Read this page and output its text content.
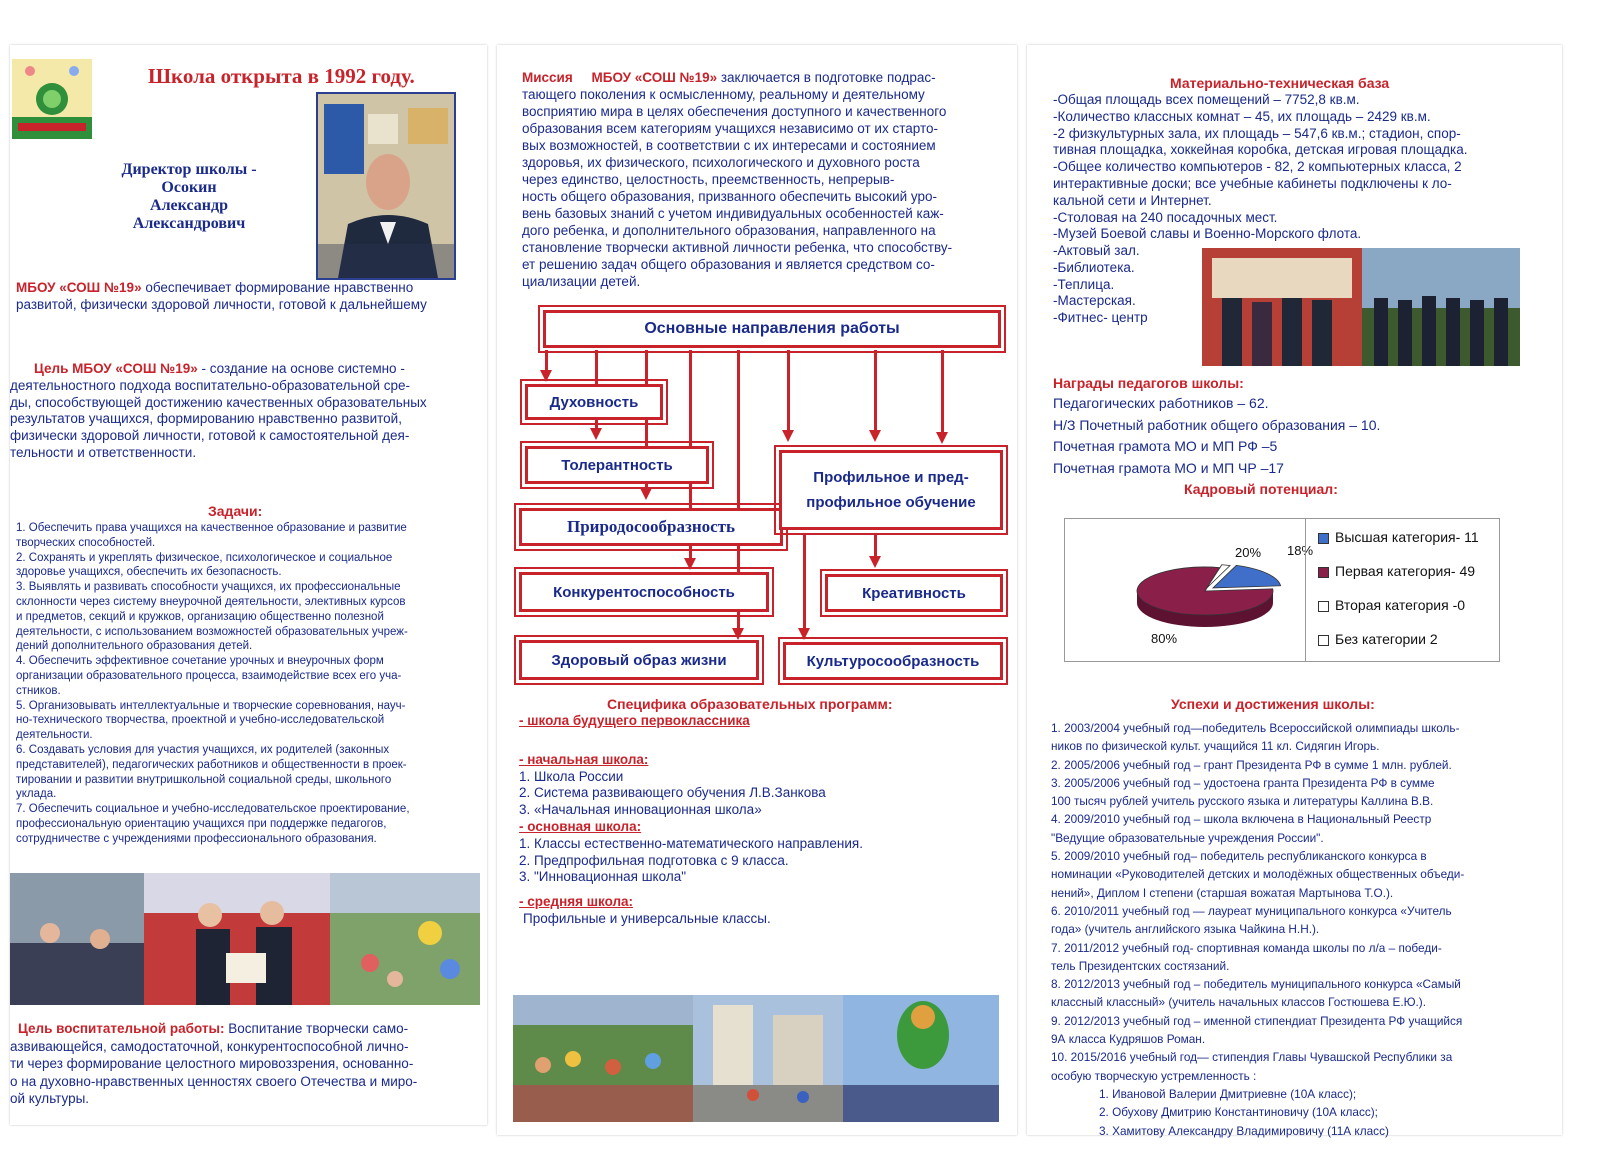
Школа открыта в 1992 году.
Директор школы -
Осокин
Александр
Александрович
МБОУ «СОШ №19» обеспечивает формирование нравственно
развитой, физически здоровой личности, готовой к дальнейшему
Цель МБОУ «СОШ №19» - создание на основе системно -
деятельностного подхода воспитательно-образовательной сре-
ды, способствующей достижению качественных образовательных
результатов учащихся, формированию нравственно развитой,
физически здоровой личности, готовой к самостоятельной дея-
тельности и ответственности.
Задачи:
1. Обеспечить права учащихся на качественное образование и развитие
творческих способностей.
2. Сохранять и укреплять физическое, психологическое и социальное
здоровье учащихся, обеспечить их безопасность.
3. Выявлять и развивать способности учащихся, их профессиональные
склонности через систему внеурочной деятельности, элективных курсов
и предметов, секций и кружков, организацию общественно полезной
деятельности, с использованием возможностей образовательных учреж-
дений дополнительного образования детей.
4. Обеспечить эффективное сочетание урочных и внеурочных форм
организации образовательного процесса, взаимодействие всех его уча-
стников.
5. Организовывать интеллектуальные и творческие соревнования, науч-
но-технического творчества, проектной и учебно-исследовательской
деятельности.
6. Создавать условия для участия учащихся, их родителей (законных
представителей), педагогических работников и общественности в проек-
тировании и развитии внутришкольной социальной среды, школьного
уклада.
7. Обеспечить социальное и учебно-исследовательское проектирование,
профессиональную ориентацию учащихся при поддержке педагогов,
сотрудничестве с учреждениями профессионального образования.
Цель воспитательной работы: Воспитание творчески само-
азвивающейся, самодостаточной, конкурентоспособной лично-
ти через формирование целостного мировоззрения, основанно-
о на духовно-нравственных ценностях своего Отечества и миро-
ой культуры.
Миссия МБОУ «СОШ №19» заключается в подготовке подрас-
тающего поколения к осмысленному, реальному и деятельному
восприятию мира в целях обеспечения доступного и качественного
образования всем категориям учащихся независимо от их старто-
вых возможностей, в соответствии с их интересами и состоянием
здоровья, их физического, психологического и духовного роста
через единство, целостность, преемственность, непрерыв-
ность общего образования, призванного обеспечить высокий уро-
вень базовых знаний с учетом индивидуальных особенностей каж-
дого ребенка, и дополнительного образования, направленного на
становление творчески активной личности ребенка, что способству-
ет решению задач общего образования и является средством со-
циализации детей.
Основные направления работы
Духовность
Толерантность
Природосообразность
Профильное и пред-
профильное обучение
Конкурентоспособность	Креативность
Здоровый образ жизни	Культуросообразность
Специфика образовательных программ:
- школа будущего первоклассника
- начальная школа:
1. Школа России
2. Система развивающего обучения Л.В.Занкова
3. «Начальная инновационная школа»
- основная школа:
1. Классы естественно-математического направления.
2. Предпрофильная подготовка с 9 класса.
3. "Инновационная школа"
- средняя школа:
Профильные и универсальные классы.
Материально-техническая база
-Общая площадь всех помещений – 7752,8 кв.м.
-Количество классных комнат – 45, их площадь – 2429 кв.м.
-2 физкультурных зала, их площадь – 547,6 кв.м.; стадион, спор-
тивная площадка, хоккейная коробка, детская игровая площадка.
-Общее количество компьютеров - 82, 2 компьютерных класса, 2
интерактивные доски; все учебные кабинеты подключены к ло-
кальной сети и Интернет.
-Столовая на 240 посадочных мест.
-Музей Боевой славы и Военно-Морского флота.
-Актовый зал.
-Библиотека.
-Теплица.
-Мастерская.
-Фитнес- центр
Награды педагогов школы:
Педагогических работников – 62.
Н/З Почетный работник общего образования – 10.
Почетная грамота МО и МП РФ –5
Почетная грамота МО и МП ЧР –17
Кадровый потенциал:
18%
80%
20%
Высшая категория- 11
Первая категория- 49
Вторая категория -0
Без категории 2
Успехи и достижения школы:
1. 2003/2004 учебный год—победитель Всероссийской олимпиады школь-
ников по физической культ. учащийся 11 кл. Сидягин Игорь.
2. 2005/2006 учебный год – грант Президента РФ в сумме 1 млн. рублей.
3. 2005/2006 учебный год – удостоена гранта Президента РФ в сумме
100 тысяч рублей учитель русского языка и литературы Каллина В.В.
4. 2009/2010 учебный год – школа включена в Национальный Реестр
"Ведущие образовательные учреждения России".
5. 2009/2010 учебный год– победитель республиканского конкурса в
номинации «Руководителей детских и молодёжных общественных объеди-
нений», Диплом I степени (старшая вожатая Мартынова Т.О.).
6. 2010/2011 учебный год — лауреат муниципального конкурса «Учитель
года» (учитель английского языка Чайкина Н.Н.).
7. 2011/2012 учебный год- спортивная команда школы по л/а – победи-
тель Президентских состязаний.
8. 2012/2013 учебный год – победитель муниципального конкурса «Самый
классный классный» (учитель начальных классов Гостюшева Е.Ю.).
9. 2012/2013 учебный год – именной стипендиат Президента РФ учащийся
9А класса Кудряшов Роман.
10. 2015/2016 учебный год— стипендия Главы Чувашской Республики за
особую творческую устремленность :
1. Ивановой Валерии Дмитриевне (10А класс);
2. Обухову Дмитрию Константиновичу (10А класс);
3. Хамитову Александру Владимировичу (11А класс)
